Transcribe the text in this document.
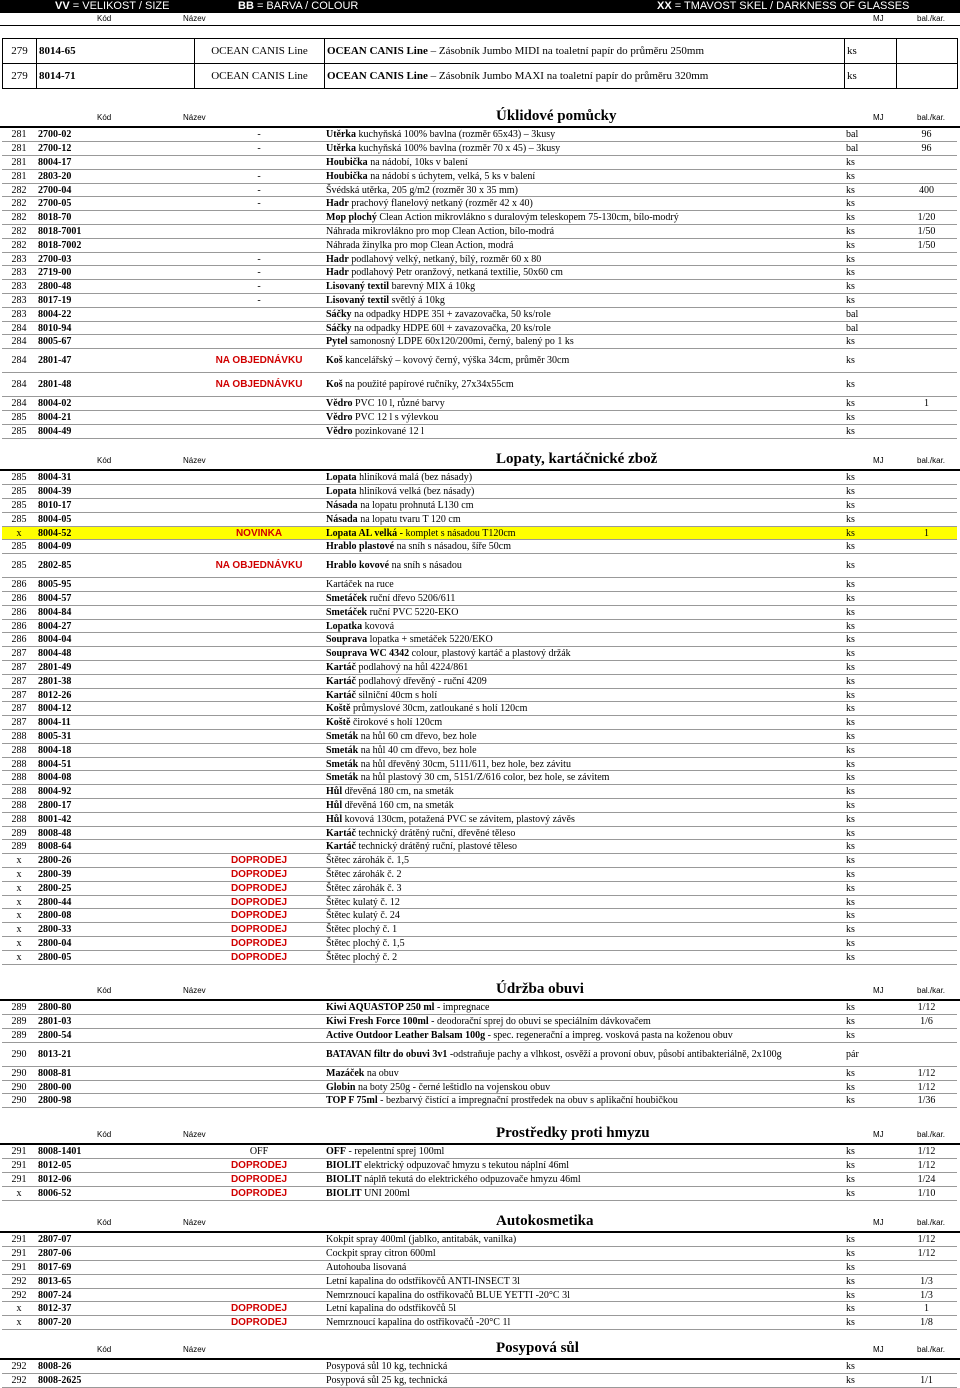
VV = VELIKOST / SIZE	BB = BARVA / COLOUR	XX = TMAVOST SKEL / DARKNESS OF GLASSES
Kód	Název	MJ	bal./kar.
279	8014-65	OCEAN CANIS Line	OCEAN CANIS Line – Zásobník Jumbo MIDI na toaletní papír do průměru 250mm	ks	
279	8014-71	OCEAN CANIS Line	OCEAN CANIS Line – Zásobník Jumbo MAXI na toaletní papír do průměru 320mm	ks	
Kód	Název	MJ	bal./kar.
Úklidové pomůcky
281	2700-02	-	Utěrka kuchyňská 100% bavlna (rozměr 65x43) – 3kusy	bal	96
281	2700-12	-	Utěrka kuchyňská 100% bavlna (rozměr 70 x 45) – 3kusy	bal	96
281	8004-17		Houbička na nádobí, 10ks v balení	ks	
281	2803-20	-	Houbička na nádobí s úchytem, velká, 5 ks v balení	ks	
282	2700-04	-	Švédská utěrka, 205 g/m2 (rozměr 30 x 35 mm)	ks	400
282	2700-05	-	Hadr prachový flanelový netkaný (rozměr 42 x 40)	ks	
282	8018-70		Mop plochý Clean Action mikrovlákno s duralovým teleskopem 75-130cm, bílo-modrý	ks	1/20
282	8018-7001		Náhrada mikrovlákno pro mop Clean Action, bílo-modrá	ks	1/50
282	8018-7002		Náhrada žinylka pro mop Clean Action, modrá	ks	1/50
283	2700-03	-	Hadr podlahový velký, netkaný, bílý, rozměr 60 x 80	ks	
283	2719-00	-	Hadr podlahový Petr oranžový, netkaná textilie, 50x60 cm	ks	
283	2800-48	-	Lisovaný textil barevný MIX á 10kg	ks	
283	8017-19	-	Lisovaný textil světlý á 10kg	ks	
283	8004-22		Sáčky na odpadky HDPE 35l + zavazovačka, 50 ks/role	bal	
284	8010-94		Sáčky na odpadky HDPE 60l + zavazovačka, 20 ks/role	bal	
284	8005-67		Pytel samonosný LDPE 60x120/200mi, černý, balený po 1 ks	ks	
284	2801-47	NA OBJEDNÁVKU	Koš kancelářský – kovový černý, výška 34cm, průměr 30cm	ks	
284	2801-48	NA OBJEDNÁVKU	Koš na použité papírové ručníky, 27x34x55cm	ks	
284	8004-02		Vědro PVC 10 l, různé barvy	ks	1
285	8004-21		Vědro PVC 12 l s výlevkou	ks	
285	8004-49		Vědro pozinkované 12 l	ks	
Kód	Název	MJ	bal./kar.
Lopaty, kartáčnické zbož
285	8004-31		Lopata hliníková malá (bez násady)	ks	
285	8004-39		Lopata hliníková velká (bez násady)	ks	
285	8010-17		Násada na lopatu prohnutá L130 cm	ks	
285	8004-05		Násada na lopatu tvaru T 120 cm	ks	
x	8004-52	NOVINKA	Lopata AL velká - komplet s násadou T120cm	ks	1
285	8004-09		Hrablo plastové na sníh s násadou, šíře 50cm	ks	
285	2802-85	NA OBJEDNÁVKU	Hrablo kovové na sníh s násadou	ks	
286	8005-95		Kartáček na ruce	ks	
286	8004-57		Smetáček ruční dřevo 5206/611	ks	
286	8004-84		Smetáček ruční PVC 5220-EKO	ks	
286	8004-27		Lopatka kovová	ks	
286	8004-04		Souprava lopatka + smetáček 5220/EKO	ks	
287	8004-48		Souprava WC 4342 colour, plastový kartáč a plastový držák	ks	
287	2801-49		Kartáč podlahový na hůl 4224/861	ks	
287	2801-38		Kartáč podlahový dřevěný - ruční 4209	ks	
287	8012-26		Kartáč silniční 40cm s holí	ks	
287	8004-12		Koště průmyslové 30cm, zatloukané s holí 120cm	ks	
287	8004-11		Koště čirokové s holí 120cm	ks	
288	8005-31		Smeták na hůl 60 cm dřevo, bez hole	ks	
288	8004-18		Smeták na hůl 40 cm dřevo, bez hole	ks	
288	8004-51		Smeták na hůl dřevěný 30cm, 5111/611, bez hole, bez závitu	ks	
288	8004-08		Smeták na hůl plastový 30 cm, 5151/Z/616 color, bez hole, se závitem	ks	
288	8004-92		Hůl dřevěná 180 cm, na smeták	ks	
288	2800-17		Hůl dřevěná 160 cm, na smeták	ks	
288	8001-42		Hůl kovová 130cm, potažená PVC se závitem, plastový závěs	ks	
289	8008-48		Kartáč technický drátěný ruční, dřevěné těleso	ks	
289	8008-64		Kartáč technický drátěný ruční, plastové těleso	ks	
x	2800-26	DOPRODEJ	Štětec zárohák č. 1,5	ks	
x	2800-39	DOPRODEJ	Štětec zárohák č. 2	ks	
x	2800-25	DOPRODEJ	Štětec zárohák č. 3	ks	
x	2800-44	DOPRODEJ	Štětec kulatý č. 12	ks	
x	2800-08	DOPRODEJ	Štětec kulatý č. 24	ks	
x	2800-33	DOPRODEJ	Štětec plochý č. 1	ks	
x	2800-04	DOPRODEJ	Štětec plochý č. 1,5	ks	
x	2800-05	DOPRODEJ	Štětec plochý č. 2	ks	
Kód	Název	MJ	bal./kar.
Údržba obuvi
289	2800-80		Kiwi AQUASTOP 250 ml - impregnace	ks	1/12
289	2801-03		Kiwi Fresh Force 100ml - deodorační sprej do obuvi se speciálním dávkovačem	ks	1/6
289	2800-54		Active Outdoor Leather Balsam 100g - spec. regenerační a impreg. vosková pasta na koženou obuv	ks	
290	8013-21		BATAVAN filtr do obuvi 3v1 -odstraňuje pachy a vlhkost, osvěží a provoní obuv, působí antibakteriálně, 2x100g	pár	
290	8008-81		Mazáček na obuv	ks	1/12
290	2800-00		Globin na boty 250g - černé leštidlo na vojenskou obuv	ks	1/12
290	2800-98		TOP F 75ml - bezbarvý čistící a impregnační prostředek na obuv s aplikační houbičkou	ks	1/36
Kód	Název	MJ	bal./kar.
Prostředky proti hmyzu
291	8008-1401	OFF	OFF - repelentní sprej 100ml	ks	1/12
291	8012-05	DOPRODEJ	BIOLIT elektrický odpuzovač hmyzu s tekutou náplní 46ml	ks	1/12
291	8012-06	DOPRODEJ	BIOLIT náplň tekutá do elektrického odpuzovače hmyzu 46ml	ks	1/24
x	8006-52	DOPRODEJ	BIOLIT UNI 200ml	ks	1/10
Kód	Název	MJ	bal./kar.
Autokosmetika
291	2807-07		Kokpit spray 400ml (jablko, antitabák, vanilka)	ks	1/12
291	2807-06		Cockpit spray citron 600ml	ks	1/12
291	8017-69		Autohouba lisovaná	ks	
292	8013-65		Letní kapalina do odstřikovčů ANTI-INSECT 3l	ks	1/3
292	8007-24		Nemrznoucí kapalina do ostřikovačů BLUE YETTI -20°C 3l	ks	1/3
x	8012-37	DOPRODEJ	Letní kapalina do odstřikovčů 5l	ks	1
x	8007-20	DOPRODEJ	Nemrznoucí kapalina do ostřikovačů -20°C 1l	ks	1/8
Kód	Název	MJ	bal./kar.
Posypová sůl
292	8008-26		Posypová sůl 10 kg, technická	ks	
292	8008-2625		Posypová sůl 25 kg, technická	ks	1/1
